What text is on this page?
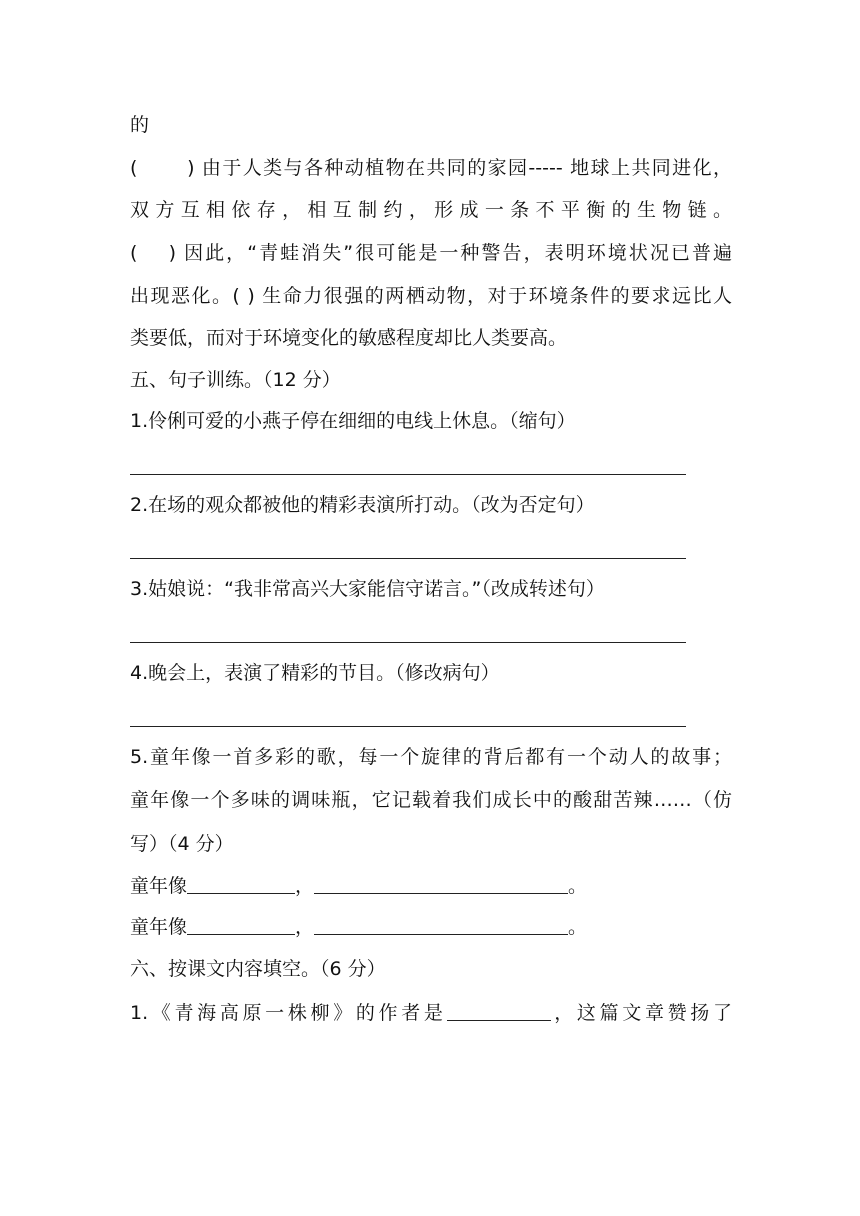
的
(　　 ) 由于人类与各种动植物在共同的家园----- 地球上共同进化，
双方互相依存，相互制约，形成一条不平衡的生物链。
(　 ) 因此，“青蛙消失”很可能是一种警告，表明环境状况已普遍
出现恶化。( ) 生命力很强的两栖动物，对于环境条件的要求远比人
类要低，而对于环境变化的敏感程度却比人类要高。
五、句子训练。（12 分）
1.伶俐可爱的小燕子停在细细的电线上休息。（缩句）
2.在场的观众都被他的精彩表演所打动。（改为否定句）
3.姑娘说：“我非常高兴大家能信守诺言。”（改成转述句）
4.晚会上，表演了精彩的节目。（修改病句）
5.童年像一首多彩的歌，每一个旋律的背后都有一个动人的故事；
童年像一个多味的调味瓶，它记载着我们成长中的酸甜苦辣……（仿
写）（4 分）
童年像	，	。
童年像	，	。
六、按课文内容填空。（6 分）
1.《青海高原一株柳》的作者是	，这篇文章赞扬了
